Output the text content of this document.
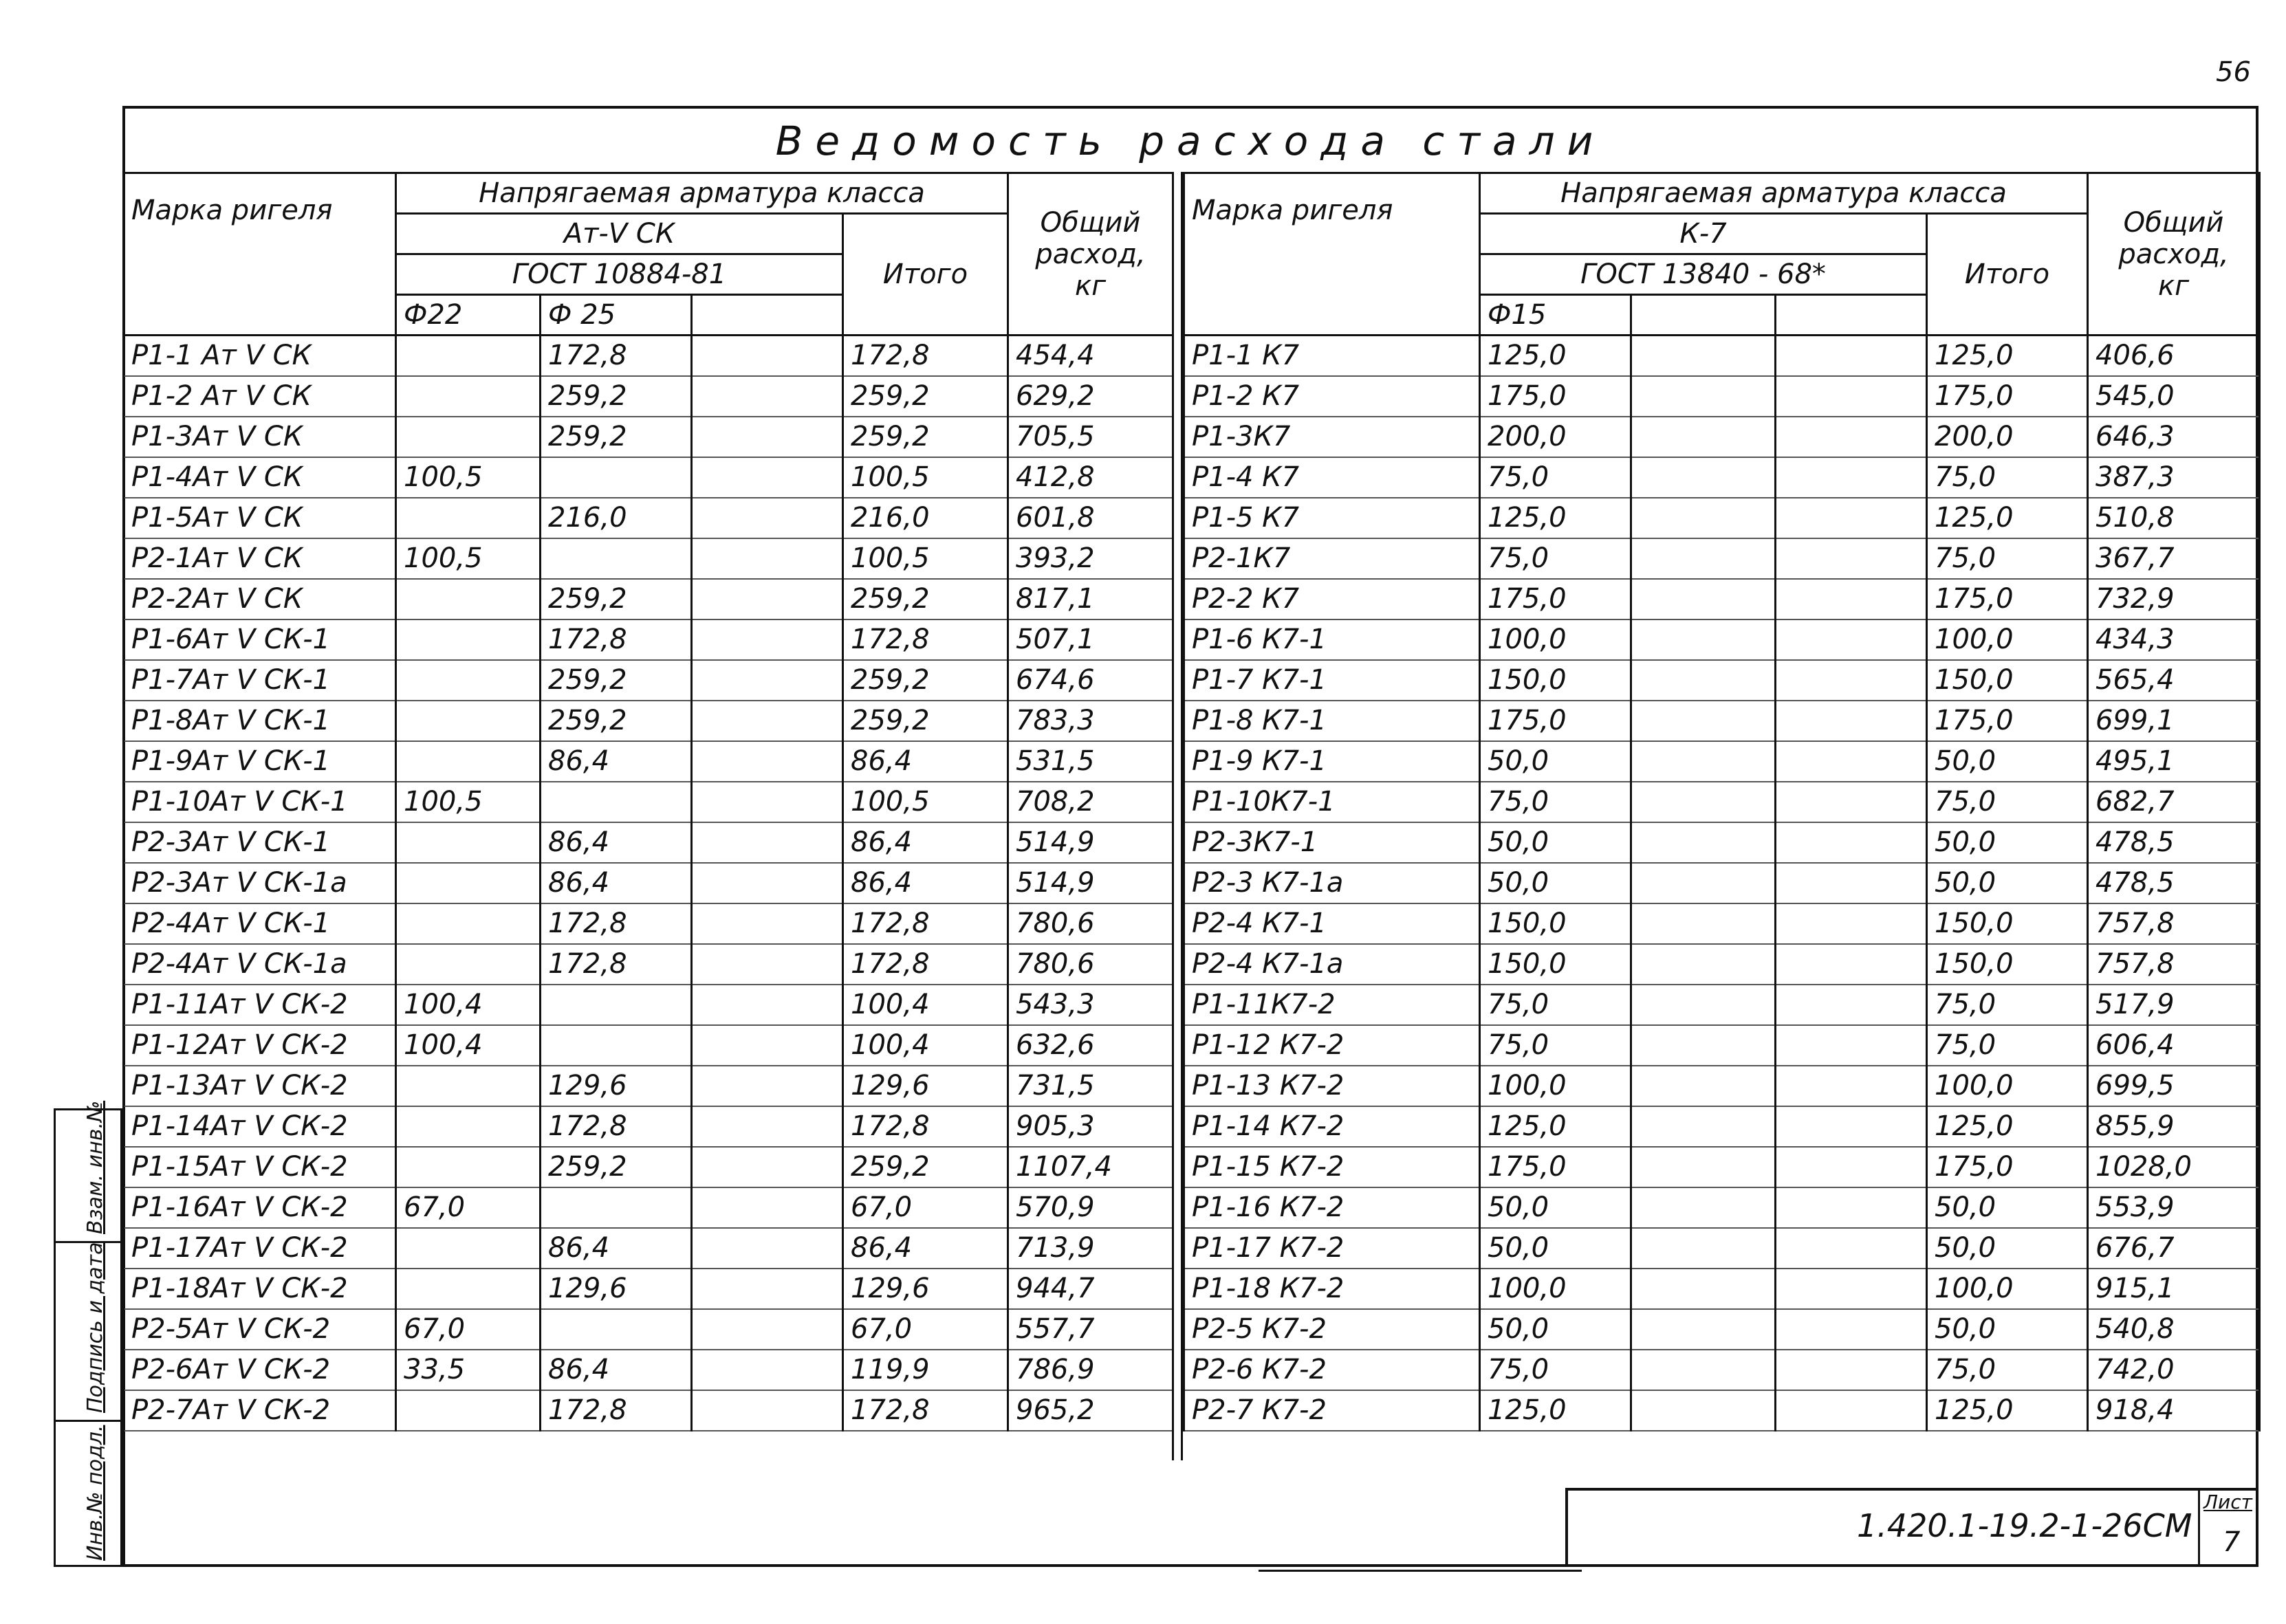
56
Ведомость расхода стали
Марка ригеля	Напрягаемая арматура класса				Общий расход,
кг
	Ат-V СК			Итого	
	ГОСТ 10884-81				
	Ф22	Ф 25			
Р1-1 Ат V СК		172,8		172,8	454,4
Р1-2 Ат V СК		259,2		259,2	629,2
Р1-3Ат V СК		259,2		259,2	705,5
Р1-4Ат V СК	100,5			100,5	412,8
Р1-5Ат V СК		216,0		216,0	601,8
Р2-1Ат V СК	100,5			100,5	393,2
Р2-2Ат V СК		259,2		259,2	817,1
Р1-6Ат V СК-1		172,8		172,8	507,1
Р1-7Ат V СК-1		259,2		259,2	674,6
Р1-8Ат V СК-1		259,2		259,2	783,3
Р1-9Ат V СК-1		86,4		86,4	531,5
Р1-10Ат V СК-1	100,5			100,5	708,2
Р2-3Ат V СК-1		86,4		86,4	514,9
Р2-3Ат V СК-1а		86,4		86,4	514,9
Р2-4Ат V СК-1		172,8		172,8	780,6
Р2-4Ат V СК-1а		172,8		172,8	780,6
Р1-11Ат V СК-2	100,4			100,4	543,3
Р1-12Ат V СК-2	100,4			100,4	632,6
Р1-13Ат V СК-2		129,6		129,6	731,5
Р1-14Ат V СК-2		172,8		172,8	905,3
Р1-15Ат V СК-2		259,2		259,2	1107,4
Р1-16Ат V СК-2	67,0			67,0	570,9
Р1-17Ат V СК-2		86,4		86,4	713,9
Р1-18Ат V СК-2		129,6		129,6	944,7
Р2-5Ат V СК-2	67,0			67,0	557,7
Р2-6Ат V СК-2	33,5	86,4		119,9	786,9
Р2-7Ат V СК-2		172,8		172,8	965,2
Марка ригеля	Напрягаемая арматура класса				Общий расход,
кг
	К-7			Итого	
	ГОСТ 13840 - 68*				
	Ф15				
Р1-1 К7	125,0			125,0	406,6
Р1-2 К7	175,0			175,0	545,0
Р1-3К7	200,0			200,0	646,3
Р1-4 К7	75,0			75,0	387,3
Р1-5 К7	125,0			125,0	510,8
Р2-1К7	75,0			75,0	367,7
Р2-2 К7	175,0			175,0	732,9
Р1-6 К7-1	100,0			100,0	434,3
Р1-7 К7-1	150,0			150,0	565,4
Р1-8 К7-1	175,0			175,0	699,1
Р1-9 К7-1	50,0			50,0	495,1
Р1-10К7-1	75,0			75,0	682,7
Р2-3К7-1	50,0			50,0	478,5
Р2-3 К7-1а	50,0			50,0	478,5
Р2-4 К7-1	150,0			150,0	757,8
Р2-4 К7-1а	150,0			150,0	757,8
Р1-11К7-2	75,0			75,0	517,9
Р1-12 К7-2	75,0			75,0	606,4
Р1-13 К7-2	100,0			100,0	699,5
Р1-14 К7-2	125,0			125,0	855,9
Р1-15 К7-2	175,0			175,0	1028,0
Р1-16 К7-2	50,0			50,0	553,9
Р1-17 К7-2	50,0			50,0	676,7
Р1-18 К7-2	100,0			100,0	915,1
Р2-5 К7-2	50,0			50,0	540,8
Р2-6 К7-2	75,0			75,0	742,0
Р2-7 К7-2	125,0			125,0	918,4
1.420.1-19.2-1-26СМ
Лист
7
Взам. инв.№
Подпись и дата
Инв.№ подл.
